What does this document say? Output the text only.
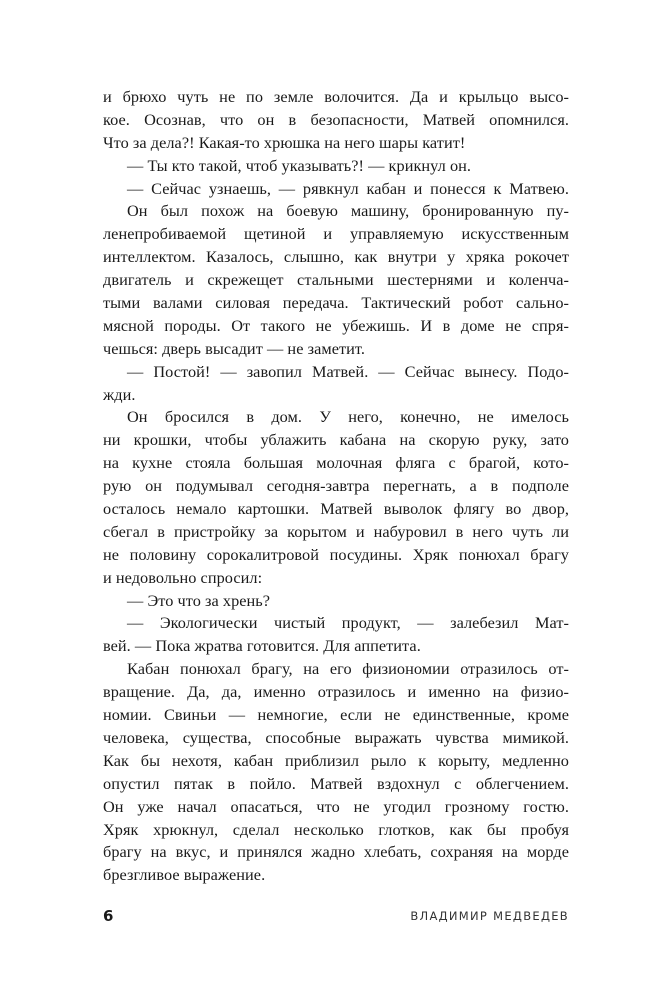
и брюхо чуть не по земле волочится. Да и крыльцо высо-
кое. Осознав, что он в безопасности, Матвей опомнился.
Что за дела?! Какая-то хрюшка на него шары катит!
— Ты кто такой, чтоб указывать?! — крикнул он.
— Сейчас узнаешь, — рявкнул кабан и понесся к Матвею.
Он был похож на боевую машину, бронированную пу-
ленепробиваемой щетиной и управляемую искусственным
интеллектом. Казалось, слышно, как внутри у хряка рокочет
двигатель и скрежещет стальными шестернями и коленча-
тыми валами силовая передача. Тактический робот сально-
мясной породы. От такого не убежишь. И в доме не спря-
чешься: дверь высадит — не заметит.
— Постой! — завопил Матвей. — Сейчас вынесу. Подо-
жди.
Он бросился в дом. У него, конечно, не имелось
ни крошки, чтобы ублажить кабана на скорую руку, зато
на кухне стояла большая молочная фляга с брагой, кото-
рую он подумывал сегодня-завтра перегнать, а в подполе
осталось немало картошки. Матвей выволок флягу во двор,
сбегал в пристройку за корытом и набуровил в него чуть ли
не половину сорокалитровой посудины. Хряк понюхал брагу
и недовольно спросил:
— Это что за хрень?
— Экологически чистый продукт, — залебезил Мат-
вей. — Пока жратва готовится. Для аппетита.
Кабан понюхал брагу, на его физиономии отразилось от-
вращение. Да, да, именно отразилось и именно на физио-
номии. Свиньи — немногие, если не единственные, кроме
человека, существа, способные выражать чувства мимикой.
Как бы нехотя, кабан приблизил рыло к корыту, медленно
опустил пятак в пойло. Матвей вздохнул с облегчением.
Он уже начал опасаться, что не угодил грозному гостю.
Хряк хрюкнул, сделал несколько глотков, как бы пробуя
брагу на вкус, и принялся жадно хлебать, сохраняя на морде
брезгливое выражение.
6	ВЛАДИМИР МЕДВЕДЕВ
